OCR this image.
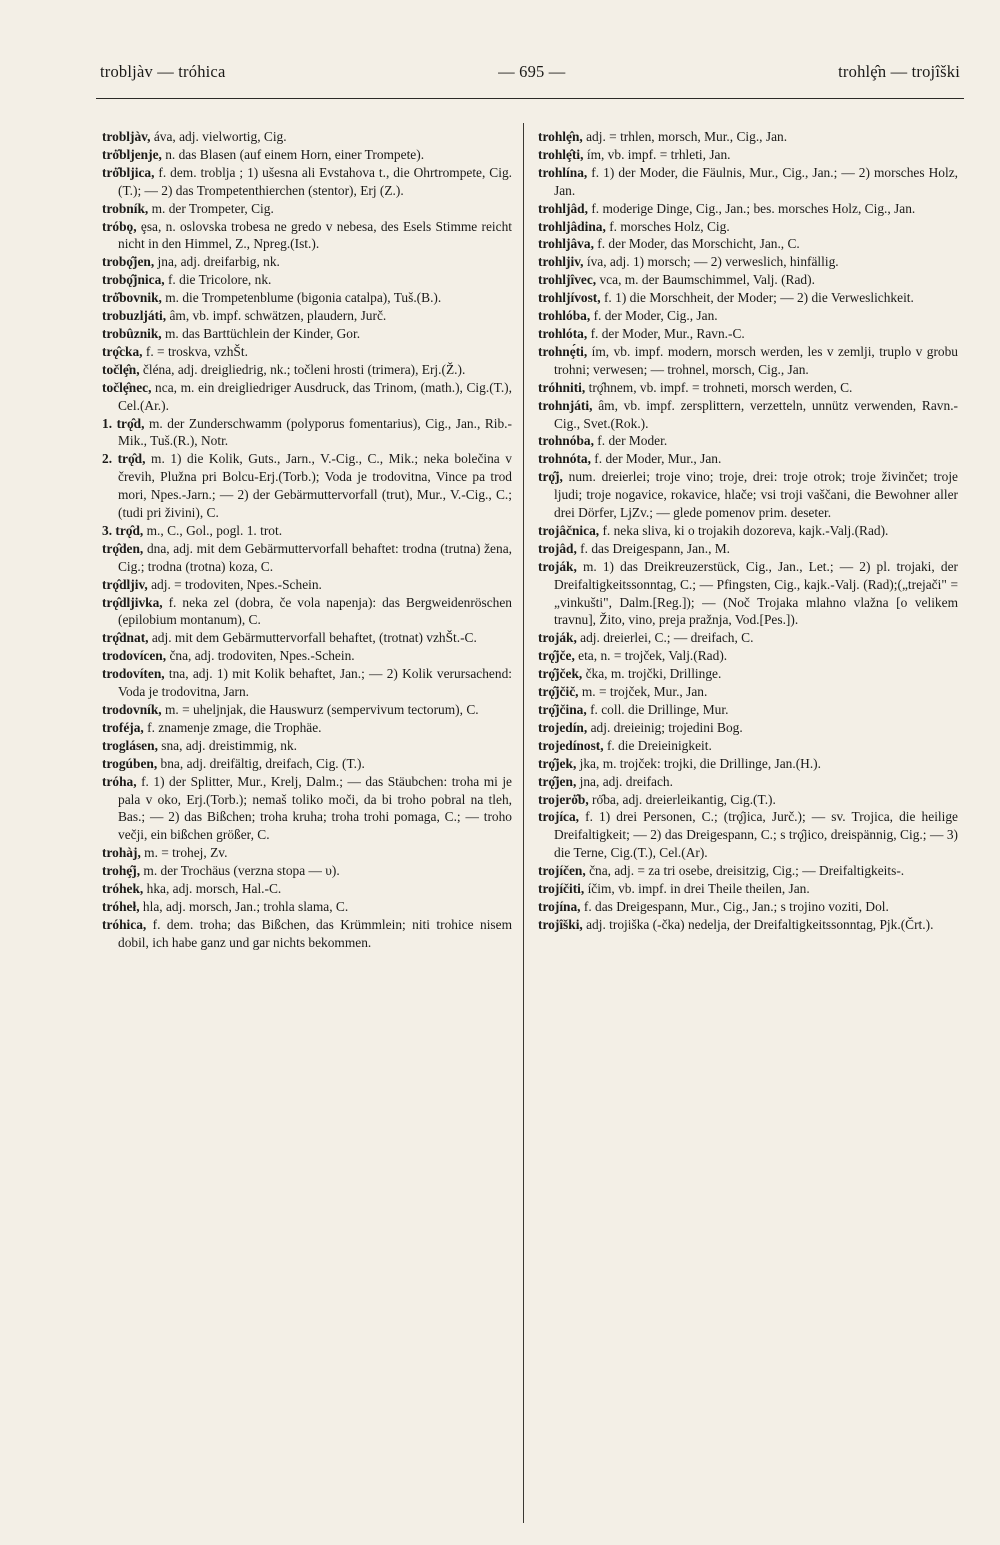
trobljàv — tróhica	— 695 —	trohlȩ̂n — trojîški

trobljàv, áva, adj. vielwortig, Cig.

trȯ̂bljenje, n. das Blasen (auf einem Horn, einer Trompete).

trȯ̂bljica, f. dem. troblja ; 1) ušesna ali Evstahova t., die Ohrtrompete, Cig.(T.); — 2) das Trompetenthierchen (stentor), Erj (Z.).

trobník, m. der Trompeter, Cig.

tróbǫ, ȩsa, n. oslovska trobesa ne gredo v nebesa, des Esels Stimme reicht nicht in den Himmel, Z., Npreg.(Ist.).

trobǫ̂jen, jna, adj. dreifarbig, nk.

trobǫ̂jnica, f. die Tricolore, nk.

trȯ̂bovnik, m. die Trompetenblume (bigonia catalpa), Tuš.(B.).

trobuzljáti, âm, vb. impf. schwätzen, plaudern, Jurč.

trobûznik, m. das Barttüchlein der Kinder, Gor.

trǫ̂cka, f. = troskva, vzhŠt.

točlȩ̂n, čléna, adj. dreigliedrig, nk.; točleni hrosti (trimera), Erj.(Ž.).

točlȩ̂nec, nca, m. ein dreigliedriger Ausdruck, das Trinom, (math.), Cig.(T.), Cel.(Ar.).

1. trǫ̂d, m. der Zunderschwamm (polyporus fomentarius), Cig., Jan., Rib.-Mik., Tuš.(R.), Notr.

2. trǫ̂d, m. 1) die Kolik, Guts., Jarn., V.-Cig., C., Mik.; neka bolečina v črevih, Plužna pri Bolcu-Erj.(Torb.); Voda je trodovitna, Vince pa trod mori, Npes.-Jarn.; — 2) der Gebärmuttervorfall (trut), Mur., V.-Cig., C.; (tudi pri živini), C.

3. trǫ̂d, m., C., Gol., pogl. 1. trot.

trǫ̂den, dna, adj. mit dem Gebärmuttervorfall behaftet: trodna (trutna) žena, Cig.; trodna (trotna) koza, C.

trǫ̂dljiv, adj. = trodoviten, Npes.-Schein.

trǫ̂dljivka, f. neka zel (dobra, če vola napenja): das Bergweidenröschen (epilobium montanum), C.

trǫ̂dnat, adj. mit dem Gebärmuttervorfall behaftet, (trotnat) vzhŠt.-C.

trodovícen, čna, adj. trodoviten, Npes.-Schein.

trodovíten, tna, adj. 1) mit Kolik behaftet, Jan.; — 2) Kolik verursachend: Voda je trodovitna, Jarn.

trodovník, m. = uheljnjak, die Hauswurz (sempervivum tectorum), C.

troféja, f. znamenje zmage, die Trophäe.

troglásen, sna, adj. dreistimmig, nk.

trogúben, bna, adj. dreifältig, dreifach, Cig. (T.).

tróha, f. 1) der Splitter, Mur., Krelj, Dalm.; — das Stäubchen: troha mi je pala v oko, Erj.(Torb.); nemaš toliko moči, da bi troho pobral na tleh, Bas.; — 2) das Bißchen; troha kruha; troha trohi pomaga, C.; — troho večji, ein bißchen größer, C.

trohàj, m. = trohej, Zv.

trohȩ̂j, m. der Trochäus (verzna stopa — υ).

tróhek, hka, adj. morsch, Hal.-C.

tróheł, hla, adj. morsch, Jan.; trohla slama, C.

tróhica, f. dem. troha; das Bißchen, das Krümmlein; niti trohice nisem dobil, ich habe ganz und gar nichts bekommen.

trohlȩ̂n, adj. = trhlen, morsch, Mur., Cig., Jan.

trohlȩ̂ti, ím, vb. impf. = trhleti, Jan.

trohlína, f. 1) der Moder, die Fäulnis, Mur., Cig., Jan.; — 2) morsches Holz, Jan.

trohljâd, f. moderige Dinge, Cig., Jan.; bes. morsches Holz, Cig., Jan.

trohljâdina, f. morsches Holz, Cig.

trohljâva, f. der Moder, das Morschicht, Jan., C.

trohljiv, íva, adj. 1) morsch; — 2) verweslich, hinfällig.

trohljîvec, vca, m. der Baumschimmel, Valj. (Rad).

trohljívost, f. 1) die Morschheit, der Moder; — 2) die Verweslichkeit.

trohlóba, f. der Moder, Cig., Jan.

trohlóta, f. der Moder, Mur., Ravn.-C.

trohnȩ́ti, ím, vb. impf. modern, morsch werden, les v zemlji, truplo v grobu trohni; verwesen; — trohnel, morsch, Cig., Jan.

tróhniti, trǫ̂hnem, vb. impf. = trohneti, morsch werden, C.

trohnjáti, âm, vb. impf. zersplittern, verzetteln, unnütz verwenden, Ravn.-Cig., Svet.(Rok.).

trohnóba, f. der Moder.

trohnóta, f. der Moder, Mur., Jan.

trǫ̂j, num. dreierlei; troje vino; troje, drei: troje otrok; troje živinčet; troje ljudi; troje nogavice, rokavice, hlače; vsi troji vaščani, die Bewohner aller drei Dörfer, LjZv.; — glede pomenov prim. deseter.

trojâčnica, f. neka sliva, ki o trojakih dozoreva, kajk.-Valj.(Rad).

trojâd, f. das Dreigespann, Jan., M.

troják, m. 1) das Dreikreuzerstück, Cig., Jan., Let.; — 2) pl. trojaki, der Dreifaltigkeitssonntag, C.; — Pfingsten, Cig., kajk.-Valj. (Rad);(„trejači" = „vinkušti", Dalm.[Reg.]); — (Noč Trojaka mlahno vlažna [o velikem travnu], Žito, vino, preja pražnja, Vod.[Pes.]).

troják, adj. dreierlei, C.; — dreifach, C.

trǫ̂jče, eta, n. = trojček, Valj.(Rad).

trǫ̂jček, čka, m. trojčki, Drillinge.

trǫ̂jčič, m. = trojček, Mur., Jan.

trǫ̂jčina, f. coll. die Drillinge, Mur.

trojedín, adj. dreieinig; trojedini Bog.

trojedínost, f. die Dreieinigkeit.

trǫ̂jek, jka, m. trojček: trojki, die Drillinge, Jan.(H.).

trǫ̂jen, jna, adj. dreifach.

trojerȯ̂b, rȯ̂ba, adj. dreierleikantig, Cig.(T.).

trojíca, f. 1) drei Personen, C.; (trǫ̂jica, Jurč.); — sv. Trojica, die heilige Dreifaltigkeit; — 2) das Dreigespann, C.; s trǫ̂jico, dreispännig, Cig.; — 3) die Terne, Cig.(T.), Cel.(Ar).

trojíčen, čna, adj. = za tri osebe, dreisitzig, Cig.; — Dreifaltigkeits-.

trojíčiti, íčim, vb. impf. in drei Theile theilen, Jan.

trojína, f. das Dreigespann, Mur., Cig., Jan.; s trojino voziti, Dol.

trojîški, adj. trojiška (-čka) nedelja, der Dreifaltigkeitssonntag, Pjk.(Črt.).
